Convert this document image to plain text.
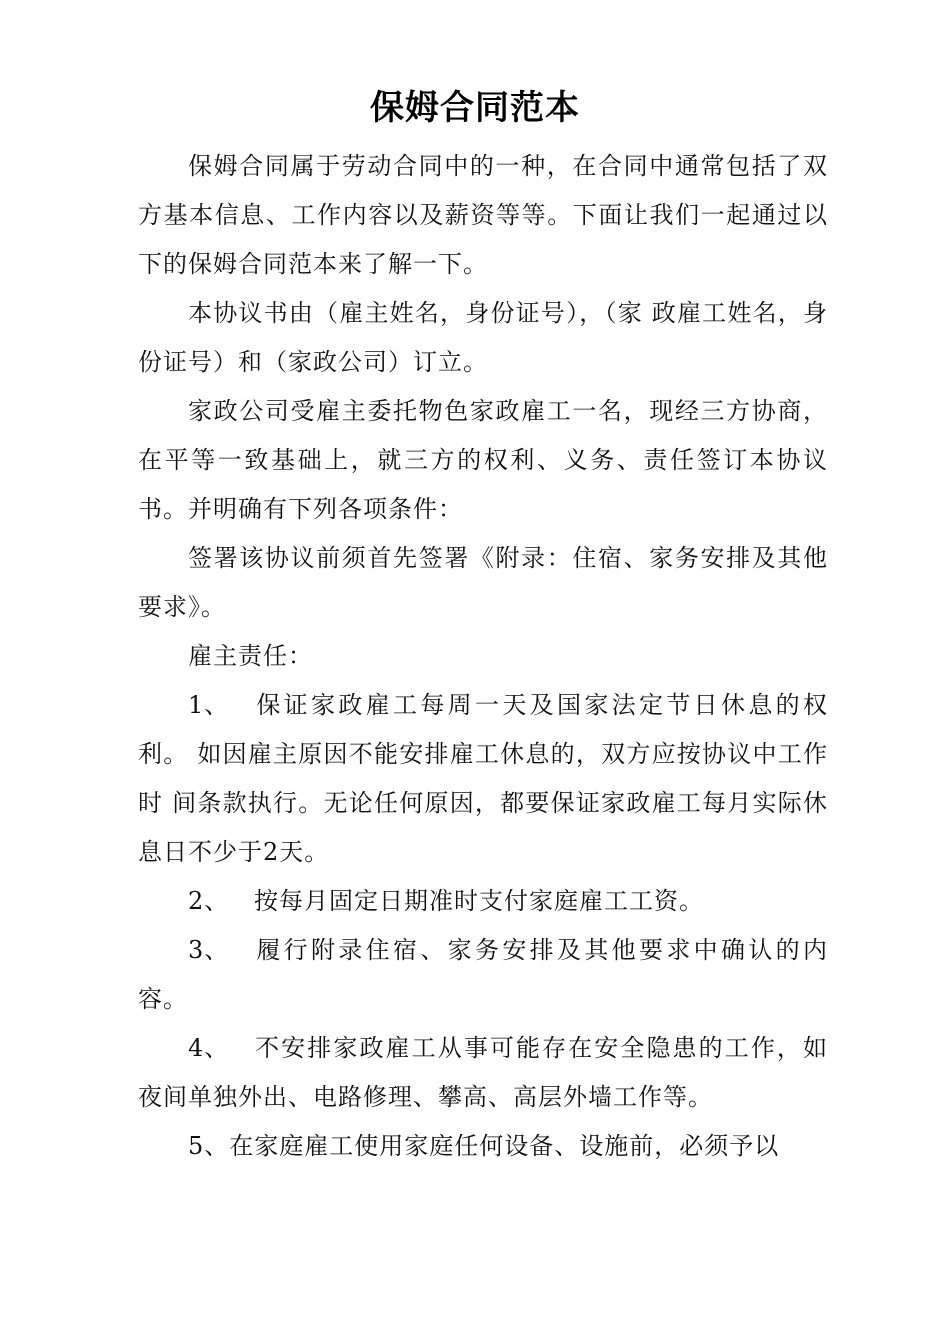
保姆合同范本

保姆合同属于劳动合同中的一种，在合同中通常包括了双方基本信息、工作内容以及薪资等等。下面让我们一起通过以下的保姆合同范本来了解一下。

本协议书由（雇主姓名，身份证号），（家 政雇工姓名，身份证号）和（家政公司）订立。

家政公司受雇主委托物色家政雇工一名，现经三方协商， 在平等一致基础上，就三方的权利、义务、责任签订本协议 书。并明确有下列各项条件：

签署该协议前须首先签署《附录：住宿、家务安排及其他要求》。

雇主责任：

1、 保证家政雇工每周一天及国家法定节日休息的权利。 如因雇主原因不能安排雇工休息的，双方应按协议中工作时 间条款执行。无论任何原因，都要保证家政雇工每月实际休 息日不少于2天。

2、 按每月固定日期准时支付家庭雇工工资。

3、 履行附录住宿、家务安排及其他要求中确认的内容。

4、 不安排家政雇工从事可能存在安全隐患的工作，如夜间单独外出、电路修理、攀高、高层外墙工作等。

5、在家庭雇工使用家庭任何设备、设施前，必须予以
